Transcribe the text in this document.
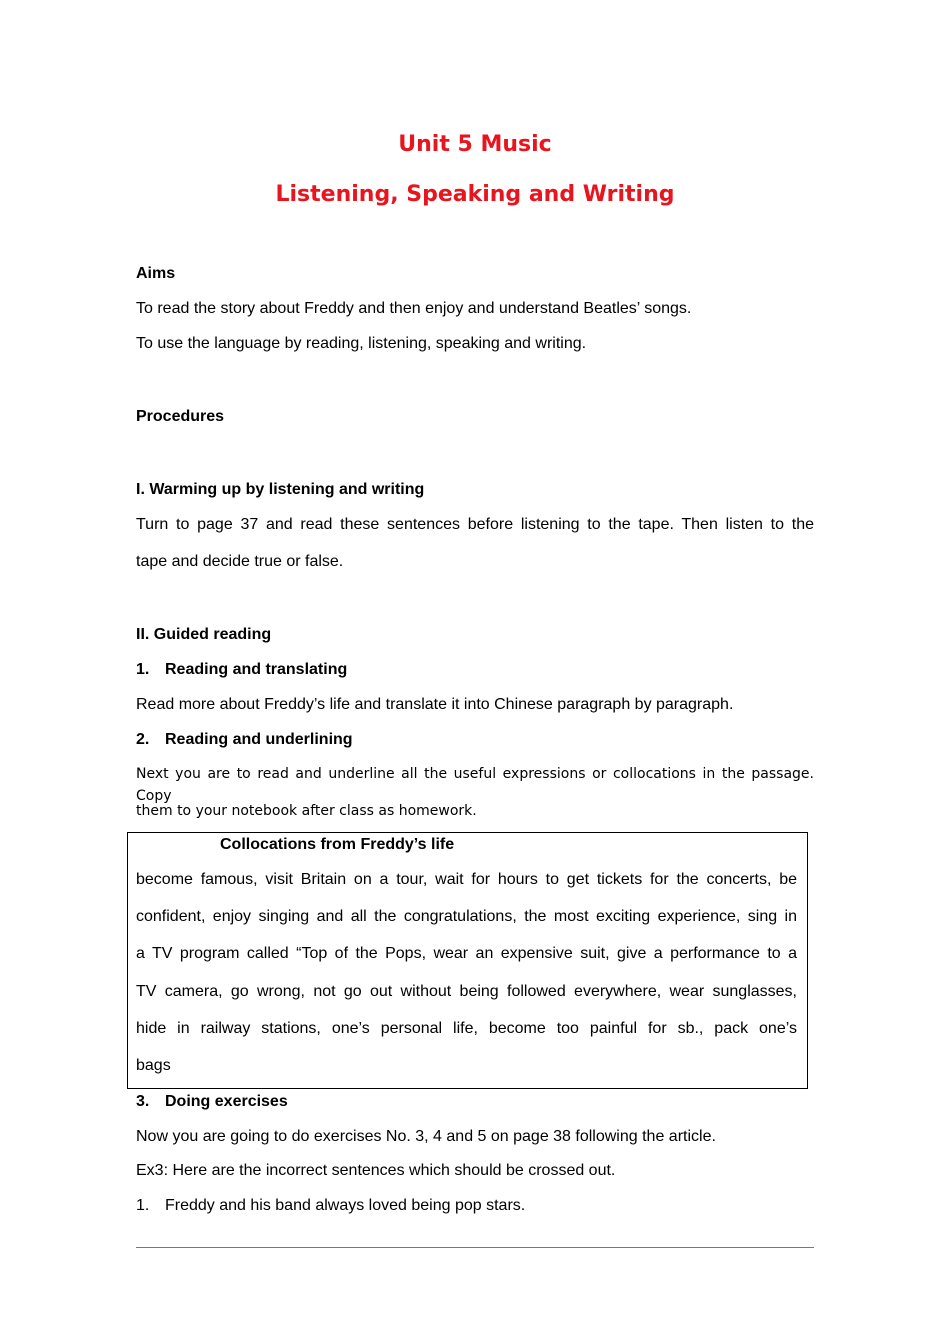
Unit 5 Music
Listening, Speaking and Writing
Aims
To read the story about Freddy and then enjoy and understand Beatles’ songs.
To use the language by reading, listening, speaking and writing.
Procedures
I. Warming up by listening and writing
Turn to page 37 and read these sentences before listening to the tape. Then listen to the
tape and decide true or false.
II. Guided reading
1. Reading and translating
Read more about Freddy’s life and translate it into Chinese paragraph by paragraph.
2. Reading and underlining
Next you are to read and underline all the useful expressions or collocations in the passage. Copy
them to your notebook after class as homework.
Collocations from Freddy’s life
become famous, visit Britain on a tour, wait for hours to get tickets for the concerts, be
confident, enjoy singing and all the congratulations, the most exciting experience, sing in
a TV program called “Top of the Pops, wear an expensive suit, give a performance to a
TV camera, go wrong, not go out without being followed everywhere, wear sunglasses,
hide in railway stations, one’s personal life, become too painful for sb., pack one’s
bags
3. Doing exercises
Now you are going to do exercises No. 3, 4 and 5 on page 38 following the article.
Ex3: Here are the incorrect sentences which should be crossed out.
1. Freddy and his band always loved being pop stars.
